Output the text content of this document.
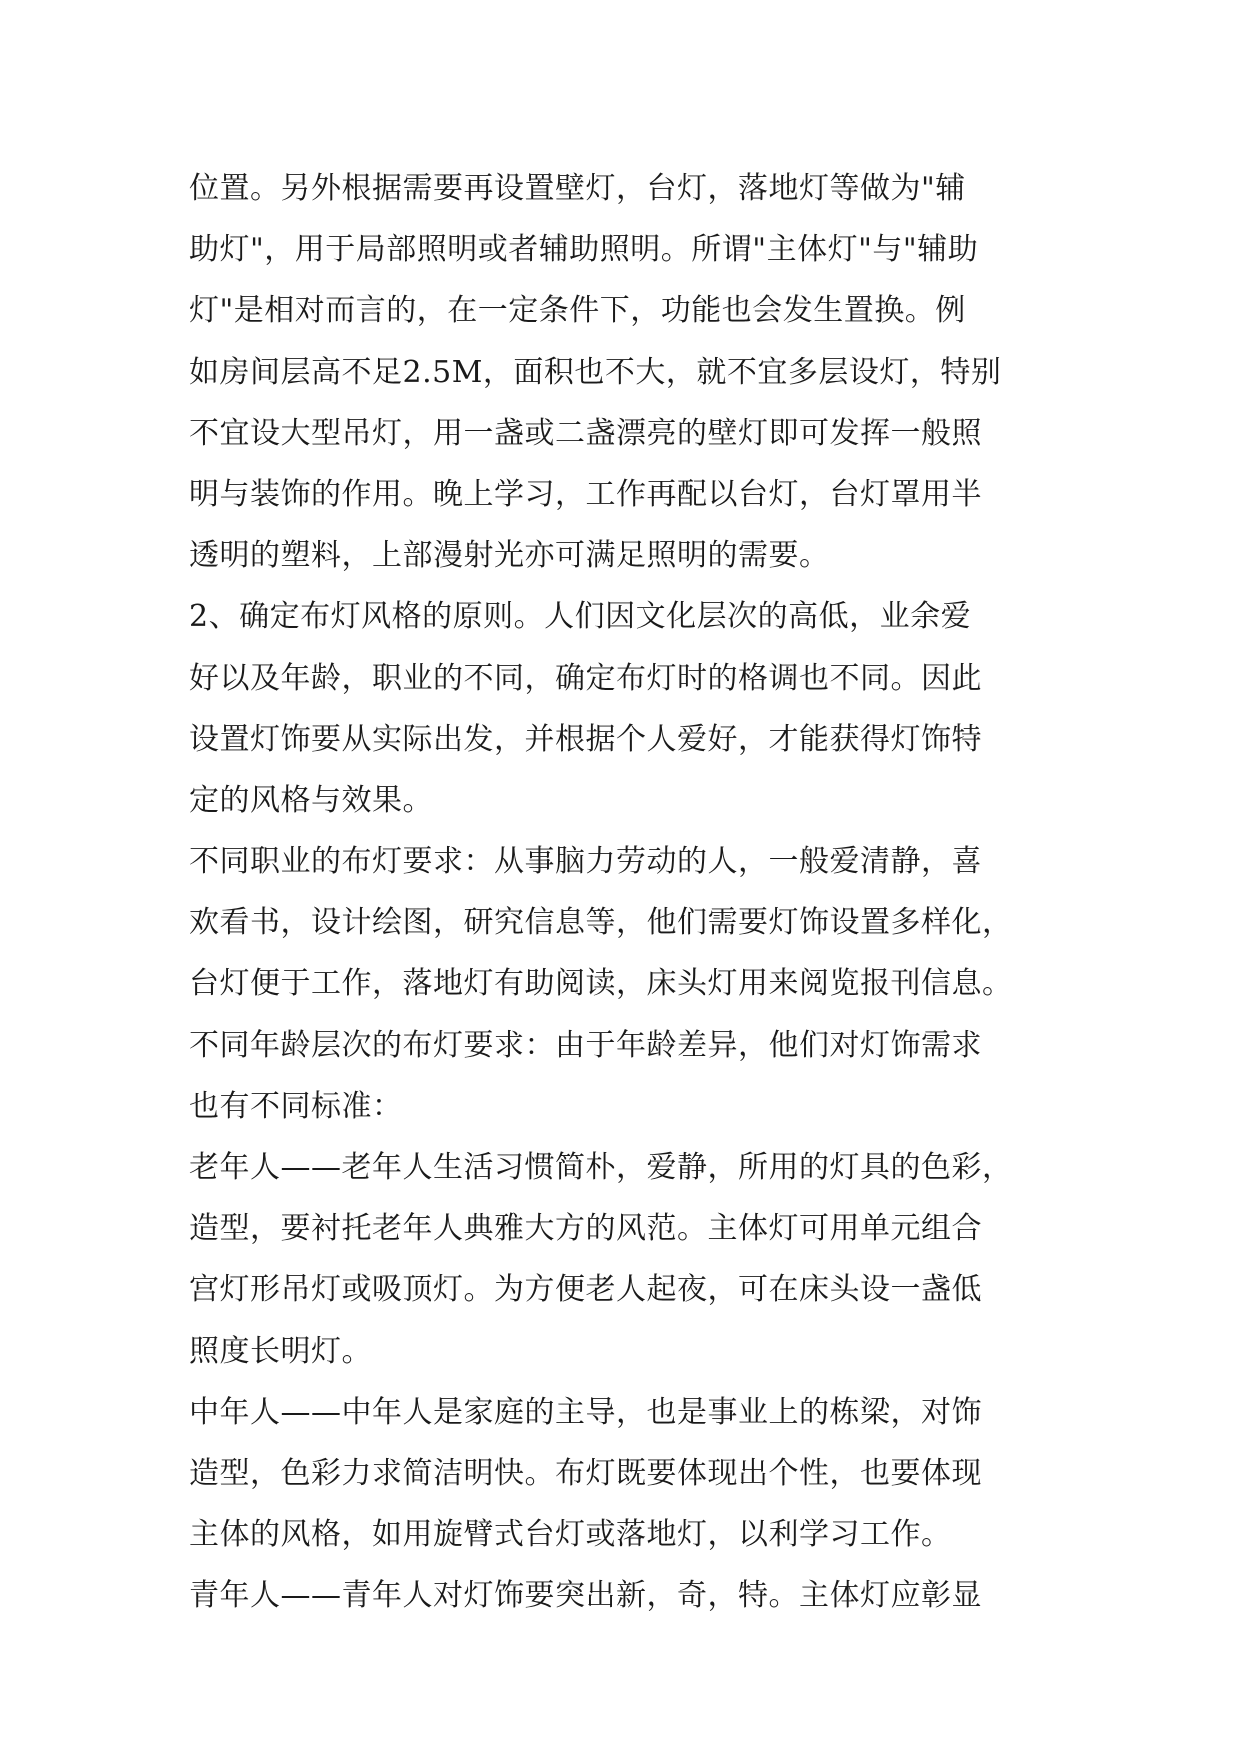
位置。另外根据需要再设置壁灯，台灯，落地灯等做为"辅
助灯"，用于局部照明或者辅助照明。所谓"主体灯"与"辅助
灯"是相对而言的，在一定条件下，功能也会发生置换。例
如房间层高不足2.5M，面积也不大，就不宜多层设灯，特别
不宜设大型吊灯，用一盏或二盏漂亮的壁灯即可发挥一般照
明与装饰的作用。晚上学习，工作再配以台灯，台灯罩用半
透明的塑料，上部漫射光亦可满足照明的需要。
2、确定布灯风格的原则。人们因文化层次的高低，业余爱
好以及年龄，职业的不同，确定布灯时的格调也不同。因此
设置灯饰要从实际出发，并根据个人爱好，才能获得灯饰特
定的风格与效果。
不同职业的布灯要求：从事脑力劳动的人，一般爱清静，喜
欢看书，设计绘图，研究信息等，他们需要灯饰设置多样化，
台灯便于工作，落地灯有助阅读，床头灯用来阅览报刊信息。
不同年龄层次的布灯要求：由于年龄差异，他们对灯饰需求
也有不同标准：
老年人——老年人生活习惯简朴，爱静，所用的灯具的色彩，
造型，要衬托老年人典雅大方的风范。主体灯可用单元组合
宫灯形吊灯或吸顶灯。为方便老人起夜，可在床头设一盏低
照度长明灯。
中年人——中年人是家庭的主导，也是事业上的栋梁，对饰
造型，色彩力求简洁明快。布灯既要体现出个性，也要体现
主体的风格，如用旋臂式台灯或落地灯，以利学习工作。
青年人——青年人对灯饰要突出新，奇，特。主体灯应彰显
